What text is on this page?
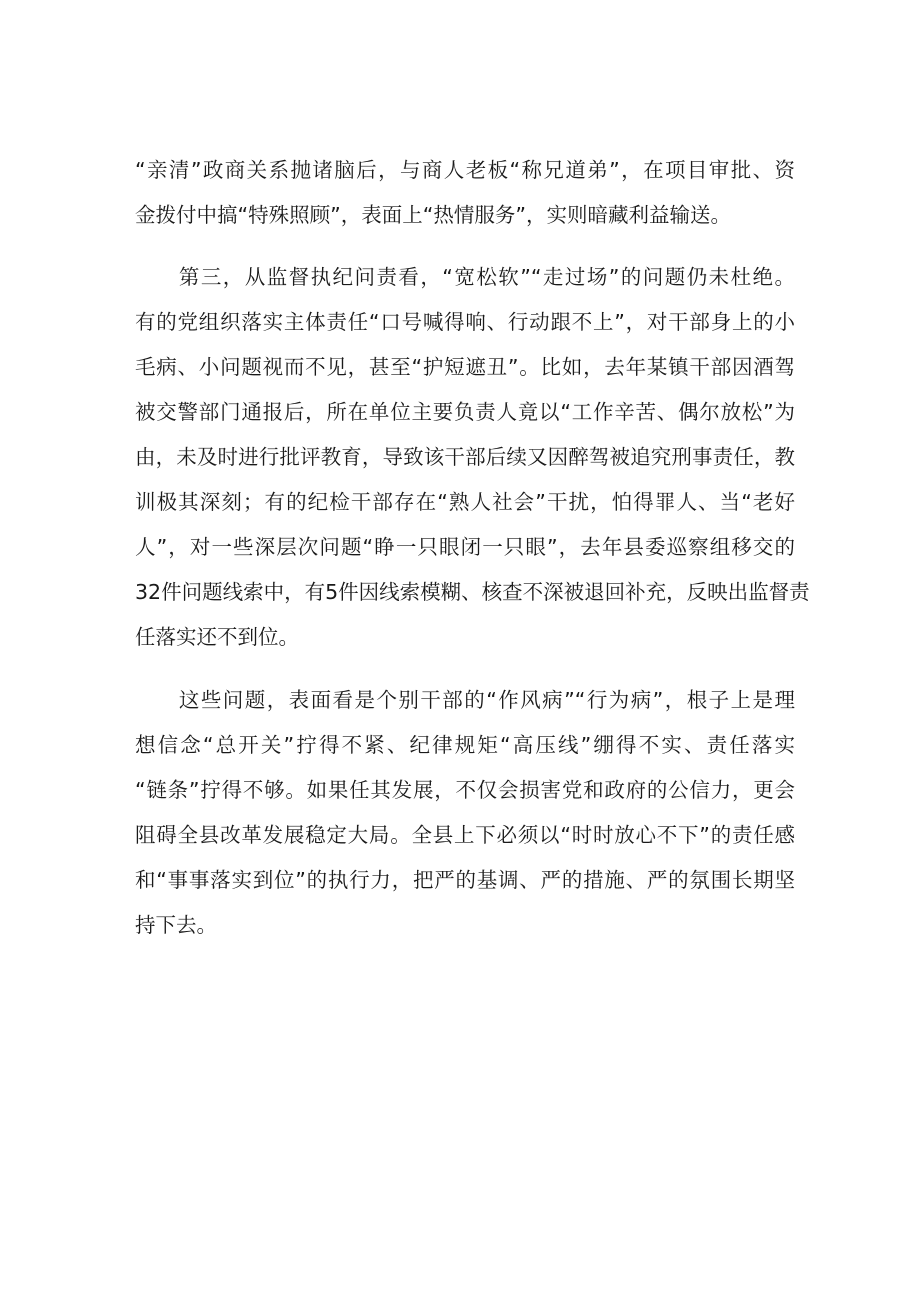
“亲清”政商关系抛诸脑后，与商人老板“称兄道弟”，在项目审批、资
金拨付中搞“特殊照顾”，表面上“热情服务”，实则暗藏利益输送。
　　第三，从监督执纪问责看，“宽松软”“走过场”的问题仍未杜绝。
有的党组织落实主体责任“口号喊得响、行动跟不上”，对干部身上的小
毛病、小问题视而不见，甚至“护短遮丑”。比如，去年某镇干部因酒驾
被交警部门通报后，所在单位主要负责人竟以“工作辛苦、偶尔放松”为
由，未及时进行批评教育，导致该干部后续又因醉驾被追究刑事责任，教
训极其深刻；有的纪检干部存在“熟人社会”干扰，怕得罪人、当“老好
人”，对一些深层次问题“睁一只眼闭一只眼”，去年县委巡察组移交的
32件问题线索中，有5件因线索模糊、核查不深被退回补充，反映出监督责
任落实还不到位。
　　这些问题，表面看是个别干部的“作风病”“行为病”，根子上是理
想信念“总开关”拧得不紧、纪律规矩“高压线”绷得不实、责任落实
“链条”拧得不够。如果任其发展，不仅会损害党和政府的公信力，更会
阻碍全县改革发展稳定大局。全县上下必须以“时时放心不下”的责任感
和“事事落实到位”的执行力，把严的基调、严的措施、严的氛围长期坚
持下去。
